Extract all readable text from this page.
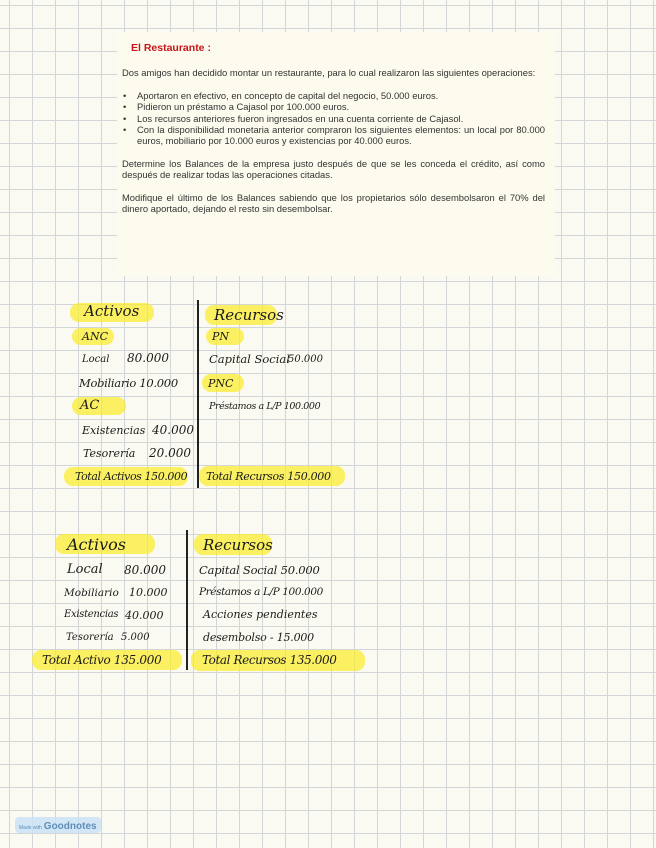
El Restaurante :

Dos amigos han decidido montar un restaurante, para lo cual realizaron las siguientes operaciones:

• Aportaron en efectivo, en concepto de capital del negocio, 50.000 euros.
• Pidieron un préstamo a Cajasol por 100.000 euros.
• Los recursos anteriores fueron ingresados en una cuenta corriente de Cajasol.
• Con la disponibilidad monetaria anterior compraron los siguientes elementos: un local por 80.000 euros, mobiliario por 10.000 euros y existencias por 40.000 euros.

Determine los Balances de la empresa justo después de que se les conceda el crédito, así como después de realizar todas las operaciones citadas.

Modifique el último de los Balances sabiendo que los propietarios sólo desembolsaron el 70% del dinero aportado, dejando el resto sin desembolsar.

Activos
ANC
Local 80.000
Mobiliario 10.000
AC
Existencias 40.000
Tesorería 20.000
Total Activos 150.000
Recursos
PN
Capital Social
50.000
PNC
Préstamos a L/P 100.000
Total Recursos 150.000
Activos
Local 80.000
Mobiliario 10.000
Existencias 40.000
Tesorería 5.000
Total Activo 135.000
Recursos
Capital Social 50.000
Préstamos a L/P 100.000
Acciones pendientes
desembolso - 15.000
Total Recursos 135.000
Made with Goodnotes
